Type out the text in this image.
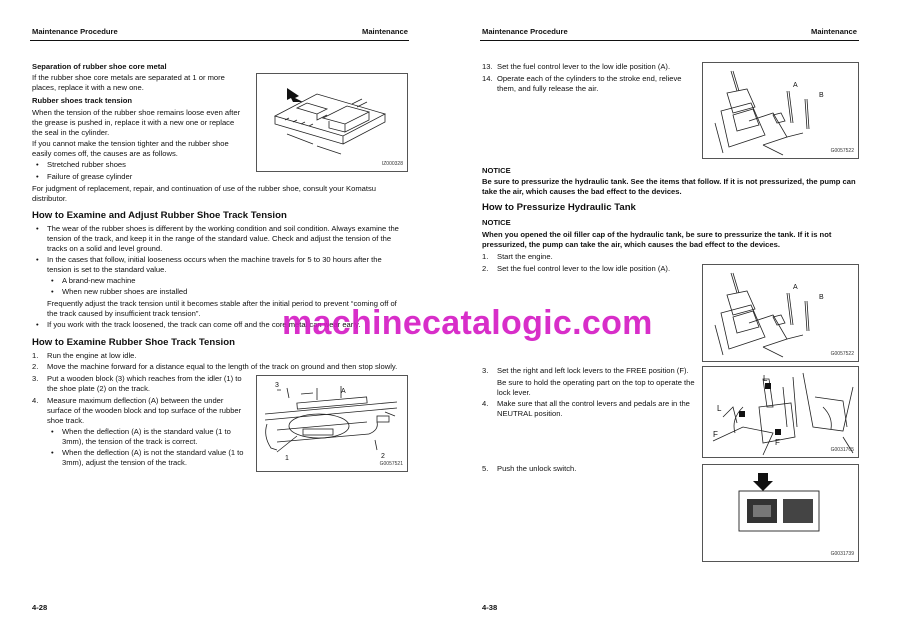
Maintenance Procedure	Maintenance
Separation of rubber shoe core metal
If the rubber shoe core metals are separated at 1 or more places, replace it with a new one.
Rubber shoes track tension
When the tension of the rubber shoe remains loose even after the grease is pushed in, replace it with a new one or replace the seal in the cylinder.
If you cannot make the tension tighter and the rubber shoe easily comes off, the causes are as follows.
• Stretched rubber shoes
• Failure of grease cylinder
IZ000328
For judgment of replacement, repair, and continuation of use of the rubber shoe, consult your Komatsu distributor.
How to Examine and Adjust Rubber Shoe Track Tension
• The wear of the rubber shoes is different by the working condition and soil condition. Always examine the tension of the track, and keep it in the range of the standard value. Check and adjust the tension of the tracks on a solid and level ground.
• In the cases that follow, initial looseness occurs when the machine travels for 5 to 30 hours after the tension is set to the standard value.
• A brand-new machine
• When new rubber shoes are installed
Frequently adjust the track tension until it becomes stable after the initial period to prevent “coming off of the track caused by insufficient track tension”.
• If you work with the track loosened, the track can come off and the core metal can wear early.
How to Examine Rubber Shoe Track Tension
1. Run the engine at low idle.
2. Move the machine forward for a distance equal to the length of the track on ground and then stop slowly.
3. Put a wooden block (3) which reaches from the idler (1) to the shoe plate (2) on the track.
4. Measure maximum deflection (A) between the under surface of the wooden block and top surface of the rubber shoe track.
• When the deflection (A) is the standard value (1 to 3mm), the tension of the track is correct.
• When the deflection (A) is not the standard value (1 to 3mm), adjust the tension of the track.
3
A
1	2
G0057521
4-28
Maintenance Procedure	Maintenance
13. Set the fuel control lever to the low idle position (A).
14. Operate each of the cylinders to the stroke end, relieve them, and fully release the air.	A
B
G0057522
NOTICE
Be sure to pressurize the hydraulic tank. See the items that follow. If it is not pressurized, the pump can take the air, which causes the bad effect to the devices.
How to Pressurize Hydraulic Tank
NOTICE
When you opened the oil filler cap of the hydraulic tank, be sure to pressurize the tank. If it is not pressurized, the pump can take the air, which causes the bad effect to the devices.
1. Start the engine.
2. Set the fuel control lever to the low idle position (A).
A
B
G0057522
3. Set the right and left lock levers to the FREE position (F).
Be sure to hold the operating part on the top to operate the lock lever.
4. Make sure that all the control levers and pedals are in the NEUTRAL position.
L
L
F
F
G0031765
5. Push the unlock switch.
G0031739
4-38
machinecatalogic.com
